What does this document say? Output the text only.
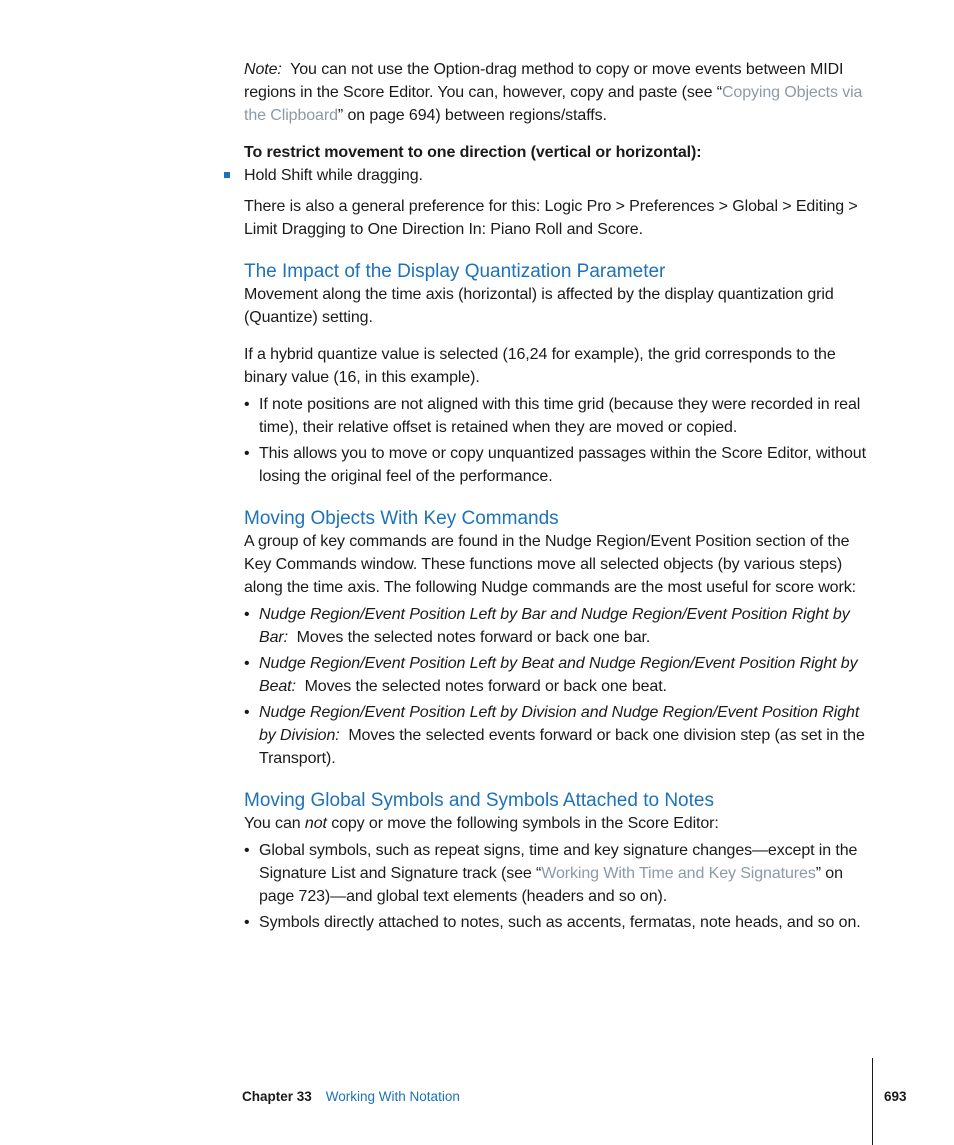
Note: You can not use the Option-drag method to copy or move events between MIDI regions in the Score Editor. You can, however, copy and paste (see “Copying Objects via the Clipboard” on page 694) between regions/staffs.

To restrict movement to one direction (vertical or horizontal):

Hold Shift while dragging.

There is also a general preference for this: Logic Pro > Preferences > Global > Editing > Limit Dragging to One Direction In: Piano Roll and Score.

The Impact of the Display Quantization Parameter

Movement along the time axis (horizontal) is affected by the display quantization grid (Quantize) setting.

If a hybrid quantize value is selected (16,24 for example), the grid corresponds to the binary value (16, in this example).

• If note positions are not aligned with this time grid (because they were recorded in real time), their relative offset is retained when they are moved or copied.
• This allows you to move or copy unquantized passages within the Score Editor, without losing the original feel of the performance.
Moving Objects With Key Commands

A group of key commands are found in the Nudge Region/Event Position section of the Key Commands window. These functions move all selected objects (by various steps) along the time axis. The following Nudge commands are the most useful for score work:

• Nudge Region/Event Position Left by Bar and Nudge Region/Event Position Right by Bar: Moves the selected notes forward or back one bar.
• Nudge Region/Event Position Left by Beat and Nudge Region/Event Position Right by Beat: Moves the selected notes forward or back one beat.
• Nudge Region/Event Position Left by Division and Nudge Region/Event Position Right by Division: Moves the selected events forward or back one division step (as set in the Transport).
Moving Global Symbols and Symbols Attached to Notes

You can not copy or move the following symbols in the Score Editor:

• Global symbols, such as repeat signs, time and key signature changes—except in the Signature List and Signature track (see “Working With Time and Key Signatures” on page 723)—and global text elements (headers and so on).
• Symbols directly attached to notes, such as accents, fermatas, note heads, and so on.
Chapter 33 Working With Notation	693
